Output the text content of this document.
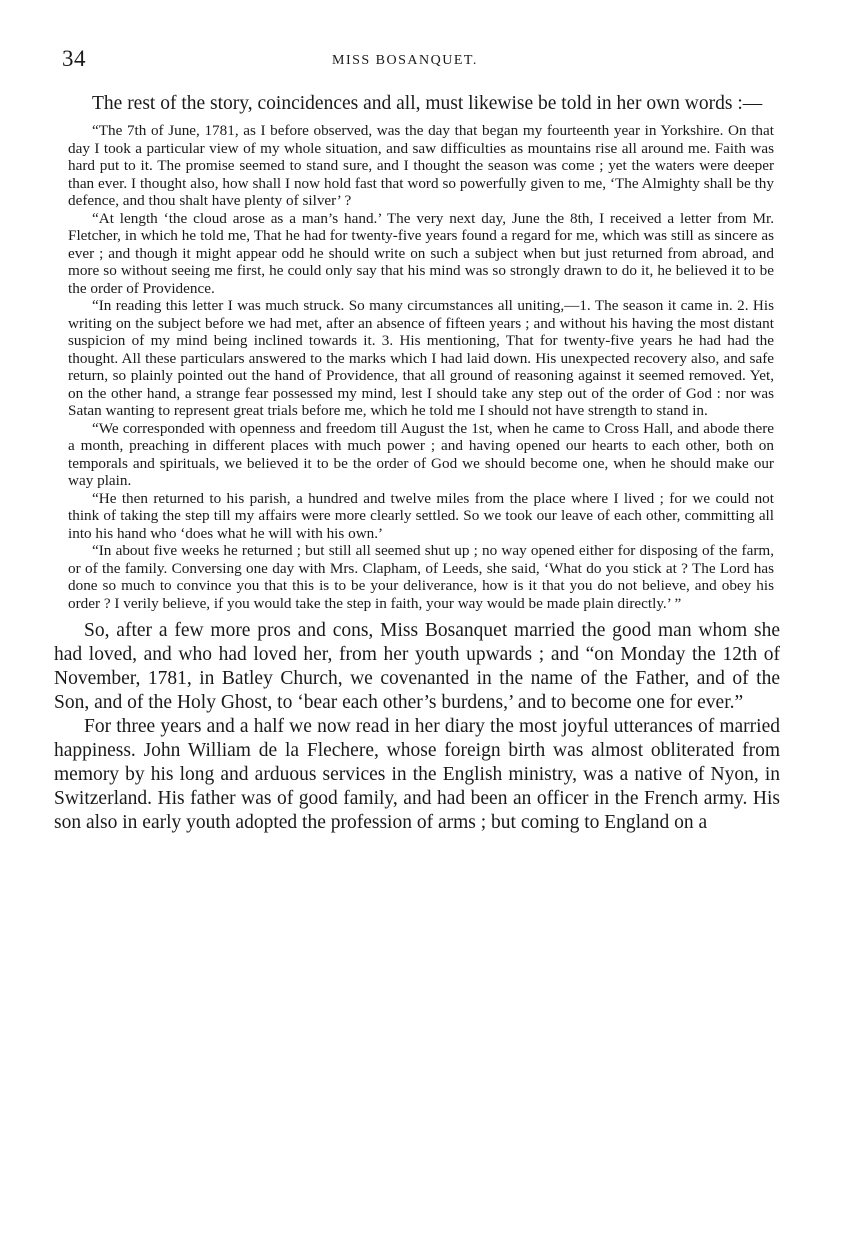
34	MISS BOSANQUET.

The rest of the story, coincidences and all, must likewise be told in her own words :—

“The 7th of June, 1781, as I before observed, was the day that began my fourteenth year in Yorkshire. On that day I took a particular view of my whole situation, and saw difficulties as mountains rise all around me. Faith was hard put to it. The promise seemed to stand sure, and I thought the season was come ; yet the waters were deeper than ever. I thought also, how shall I now hold fast that word so powerfully given to me, ‘The Almighty shall be thy defence, and thou shalt have plenty of silver’ ?

“At length ‘the cloud arose as a man’s hand.’ The very next day, June the 8th, I received a letter from Mr. Fletcher, in which he told me, That he had for twenty-five years found a regard for me, which was still as sincere as ever ; and though it might appear odd he should write on such a subject when but just returned from abroad, and more so without seeing me first, he could only say that his mind was so strongly drawn to do it, he believed it to be the order of Providence.

“In reading this letter I was much struck. So many circumstances all uniting,—1. The season it came in. 2. His writing on the subject before we had met, after an absence of fifteen years ; and without his having the most distant suspicion of my mind being inclined towards it. 3. His mentioning, That for twenty-five years he had had the thought. All these particulars answered to the marks which I had laid down. His unexpected recovery also, and safe return, so plainly pointed out the hand of Providence, that all ground of reasoning against it seemed removed. Yet, on the other hand, a strange fear possessed my mind, lest I should take any step out of the order of God : nor was Satan wanting to represent great trials before me, which he told me I should not have strength to stand in.

“We corresponded with openness and freedom till August the 1st, when he came to Cross Hall, and abode there a month, preaching in different places with much power ; and having opened our hearts to each other, both on temporals and spirituals, we believed it to be the order of God we should become one, when he should make our way plain.

“He then returned to his parish, a hundred and twelve miles from the place where I lived ; for we could not think of taking the step till my affairs were more clearly settled. So we took our leave of each other, committing all into his hand who ‘does what he will with his own.’

“In about five weeks he returned ; but still all seemed shut up ; no way opened either for disposing of the farm, or of the family. Conversing one day with Mrs. Clapham, of Leeds, she said, ‘What do you stick at ? The Lord has done so much to convince you that this is to be your deliverance, how is it that you do not believe, and obey his order ? I verily believe, if you would take the step in faith, your way would be made plain directly.’ ”

So, after a few more pros and cons, Miss Bosanquet married the good man whom she had loved, and who had loved her, from her youth upwards ; and “on Monday the 12th of November, 1781, in Batley Church, we covenanted in the name of the Father, and of the Son, and of the Holy Ghost, to ‘bear each other’s burdens,’ and to become one for ever.”

For three years and a half we now read in her diary the most joyful utterances of married happiness. John William de la Flechere, whose foreign birth was almost obliterated from memory by his long and arduous services in the English ministry, was a native of Nyon, in Switzerland. His father was of good family, and had been an officer in the French army. His son also in early youth adopted the profession of arms ; but coming to England on a
